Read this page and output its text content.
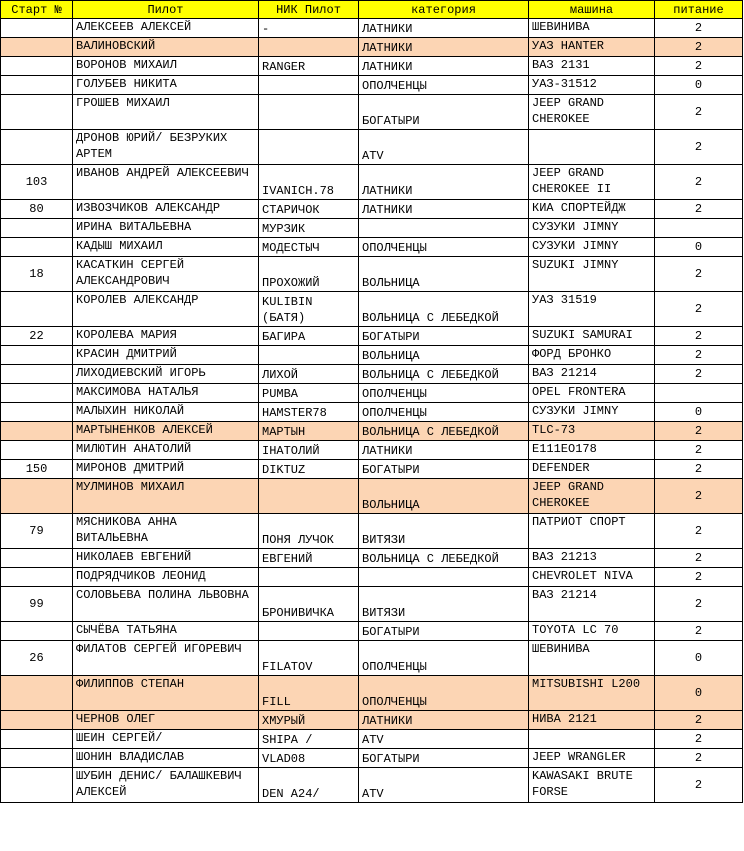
Старт №	Пилот	НИК Пилот	категория	машина	питание
	АЛЕКСЕЕВ АЛЕКСЕЙ	-	ЛАТНИКИ	ШЕВИНИВА	2
	ВАЛИНОВСКИЙ		ЛАТНИКИ	УАЗ HANTER	2
	ВОРОНОВ МИХАИЛ	RANGER	ЛАТНИКИ	ВАЗ 2131	2
	ГОЛУБЕВ НИКИТА		ОПОЛЧЕНЦЫ	УАЗ-31512	0
	ГРОШЕВ МИХАИЛ		БОГАТЫРИ	JEEP GRAND CHEROKEE	2
	ДРОНОВ ЮРИЙ/ БЕЗРУКИХ АРТЕМ		ATV		2
103	ИВАНОВ АНДРЕЙ АЛЕКСЕЕВИЧ	IVANICH.78	ЛАТНИКИ	JEEP GRAND CHEROKEE II	2
80	ИЗВОЗЧИКОВ АЛЕКСАНДР	СТАРИЧОК	ЛАТНИКИ	КИА СПОРТЕЙДЖ	2
	ИРИНА ВИТАЛЬЕВНА	МУРЗИК		СУЗУКИ JIMNY	
	КАДЫШ МИХАИЛ	МОДЕСТЫЧ	ОПОЛЧЕНЦЫ	СУЗУКИ JIMNY	0
18	КАСАТКИН СЕРГЕЙ АЛЕКСАНДРОВИЧ	ПРОХОЖИЙ	ВОЛЬНИЦА	SUZUKI JIMNY	2
	КОРОЛЕВ АЛЕКСАНДР	KULIBIN (БАТЯ)	ВОЛЬНИЦА С ЛЕБЕДКОЙ	УАЗ 31519	2
22	КОРОЛЕВА МАРИЯ	БАГИРА	БОГАТЫРИ	SUZUKI SAMURAI	2
	КРАСИН ДМИТРИЙ		ВОЛЬНИЦА	ФОРД БРОНКО	2
	ЛИХОДИЕВСКИЙ ИГОРЬ	ЛИХОЙ	ВОЛЬНИЦА С ЛЕБЕДКОЙ	ВАЗ 21214	2
	МАКСИМОВА НАТАЛЬЯ	PUMBA	ОПОЛЧЕНЦЫ	OPEL FRONTERA	
	МАЛЫХИН НИКОЛАЙ	HAMSTER78	ОПОЛЧЕНЦЫ	СУЗУКИ JIMNY	0
	МАРТЫНЕНКОВ АЛЕКСЕЙ	МАРТЫН	ВОЛЬНИЦА С ЛЕБЕДКОЙ	TLC-73	2
	МИЛЮТИН АНАТОЛИЙ	ІНАТОЛИЙ	ЛАТНИКИ	Е111ЕО178	2
150	МИРОНОВ ДМИТРИЙ	DIKTUZ	БОГАТЫРИ	DEFENDER	2
	МУЛМИНОВ МИХАИЛ		ВОЛЬНИЦА	JEEP GRAND CHEROKEE	2
79	МЯСНИКОВА АННА ВИТАЛЬЕВНА	ПОНЯ ЛУЧОК	ВИТЯЗИ	ПАТРИОТ СПОРТ	2
	НИКОЛАЕВ ЕВГЕНИЙ	ЕВГЕНИЙ	ВОЛЬНИЦА С ЛЕБЕДКОЙ	ВАЗ 21213	2
	ПОДРЯДЧИКОВ ЛЕОНИД			CHEVROLET NIVA	2
99	СОЛОВЬЕВА ПОЛИНА ЛЬВОВНА	БРОНИВИЧКА	ВИТЯЗИ	ВАЗ 21214	2
	СЫЧЁВА ТАТЬЯНА		БОГАТЫРИ	TOYOTA LC 70	2
26	ФИЛАТОВ СЕРГЕЙ ИГОРЕВИЧ	FILATOV	ОПОЛЧЕНЦЫ	ШЕВИНИВА	0
	ФИЛИППОВ СТЕПАН	FILL	ОПОЛЧЕНЦЫ	MITSUBISHI L200	0
	ЧЕРНОВ ОЛЕГ	ХМУРЫЙ	ЛАТНИКИ	НИВА 2121	2
	ШЕИН СЕРГЕЙ/	SHIPA /	ATV		2
	ШОНИН ВЛАДИСЛАВ	VLAD08	БОГАТЫРИ	JEEP WRANGLER	2
	ШУБИН ДЕНИС/ БАЛАШКЕВИЧ АЛЕКСЕЙ	DEN A24/	ATV	KAWASAKI BRUTE FORSE	2
